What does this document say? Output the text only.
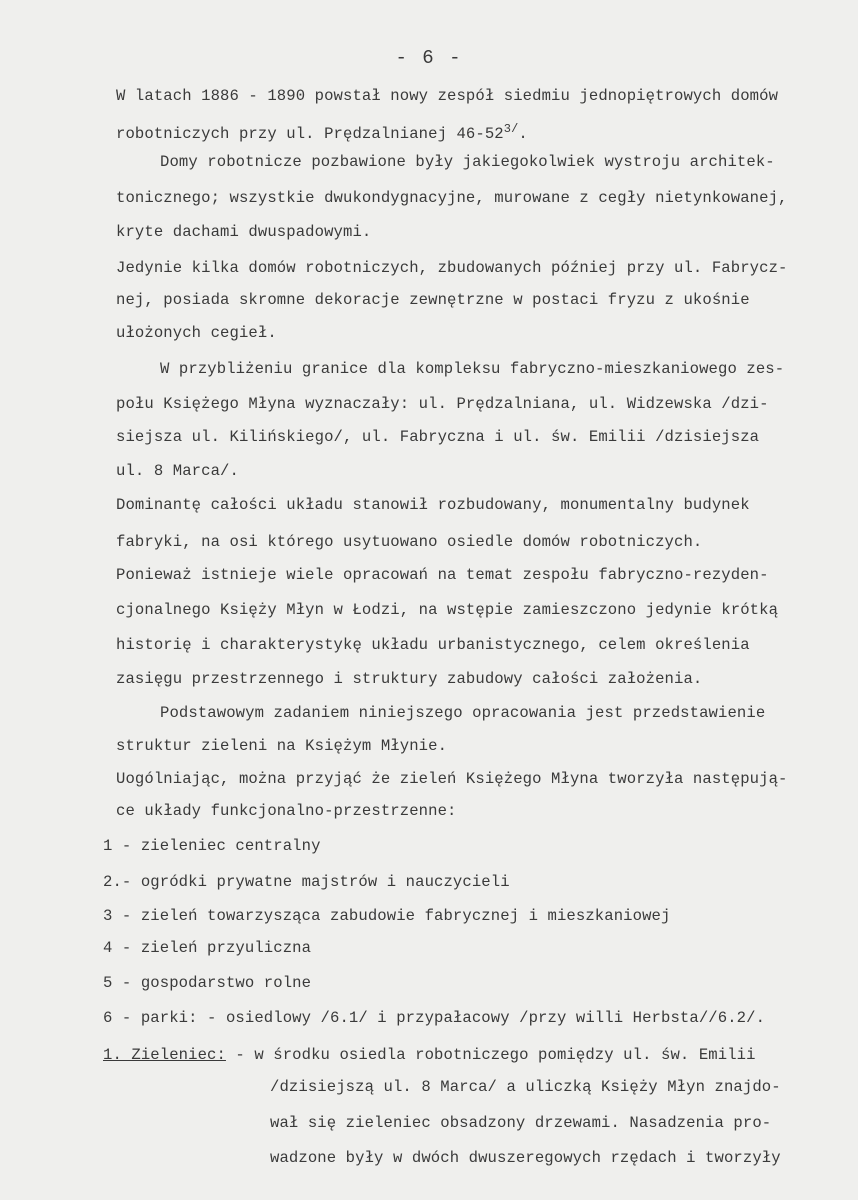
- 6 -
W latach 1886 - 1890 powstał nowy zespół siedmiu jednopiętrowych domów
robotniczych przy ul. Prędzalnianej $46-52^{3/}$.
Domy robotnicze pozbawione były jakiegokolwiek wystroju architek-
tonicznego; wszystkie dwukondygnacyjne, murowane z cegły nietynkowanej,
kryte dachami dwuspadowymi.
Jedynie kilka domów robotniczych, zbudowanych później przy ul. Fabrycz-
nej, posiada skromne dekoracje zewnętrzne w postaci fryzu z ukośnie
ułożonych cegieł.
W przybliżeniu granice dla kompleksu fabryczno-mieszkaniowego zes-
połu Księżego Młyna wyznaczały: ul. Prędzalniana, ul. Widzewska /dzi-
siejsza ul. Kilińskiego/, ul. Fabryczna i ul. św. Emilii /dzisiejsza
ul. 8 Marca/.
Dominantę całości układu stanowił rozbudowany, monumentalny budynek
fabryki, na osi którego usytuowano osiedle domów robotniczych.
Ponieważ istnieje wiele opracowań na temat zespołu fabryczno-rezyden-
cjonalnego Księży Młyn w Łodzi, na wstępie zamieszczono jedynie krótką
historię i charakterystykę układu urbanistycznego, celem określenia
zasięgu przestrzennego i struktury zabudowy całości założenia.
Podstawowym zadaniem niniejszego opracowania jest przedstawienie
struktur zieleni na Księżym Młynie.
Uogólniając, można przyjąć że zieleń Księżego Młyna tworzyła następują-
ce układy funkcjonalno-przestrzenne:
1 - zieleniec centralny
2.- ogródki prywatne majstrów i nauczycieli
3 - zieleń towarzysząca zabudowie fabrycznej i mieszkaniowej
4 - zieleń przyuliczna
5 - gospodarstwo rolne
6 - parki: - osiedlowy /6.1/ i przypałacowy /przy willi Herbsta//6.2/.
1. Zieleniec: - w środku osiedla robotniczego pomiędzy ul. św. Emilii
/dzisiejszą ul. 8 Marca/ a uliczką Księży Młyn znajdo-
wał się zieleniec obsadzony drzewami. Nasadzenia pro-
wadzone były w dwóch dwuszeregowych rzędach i tworzyły
